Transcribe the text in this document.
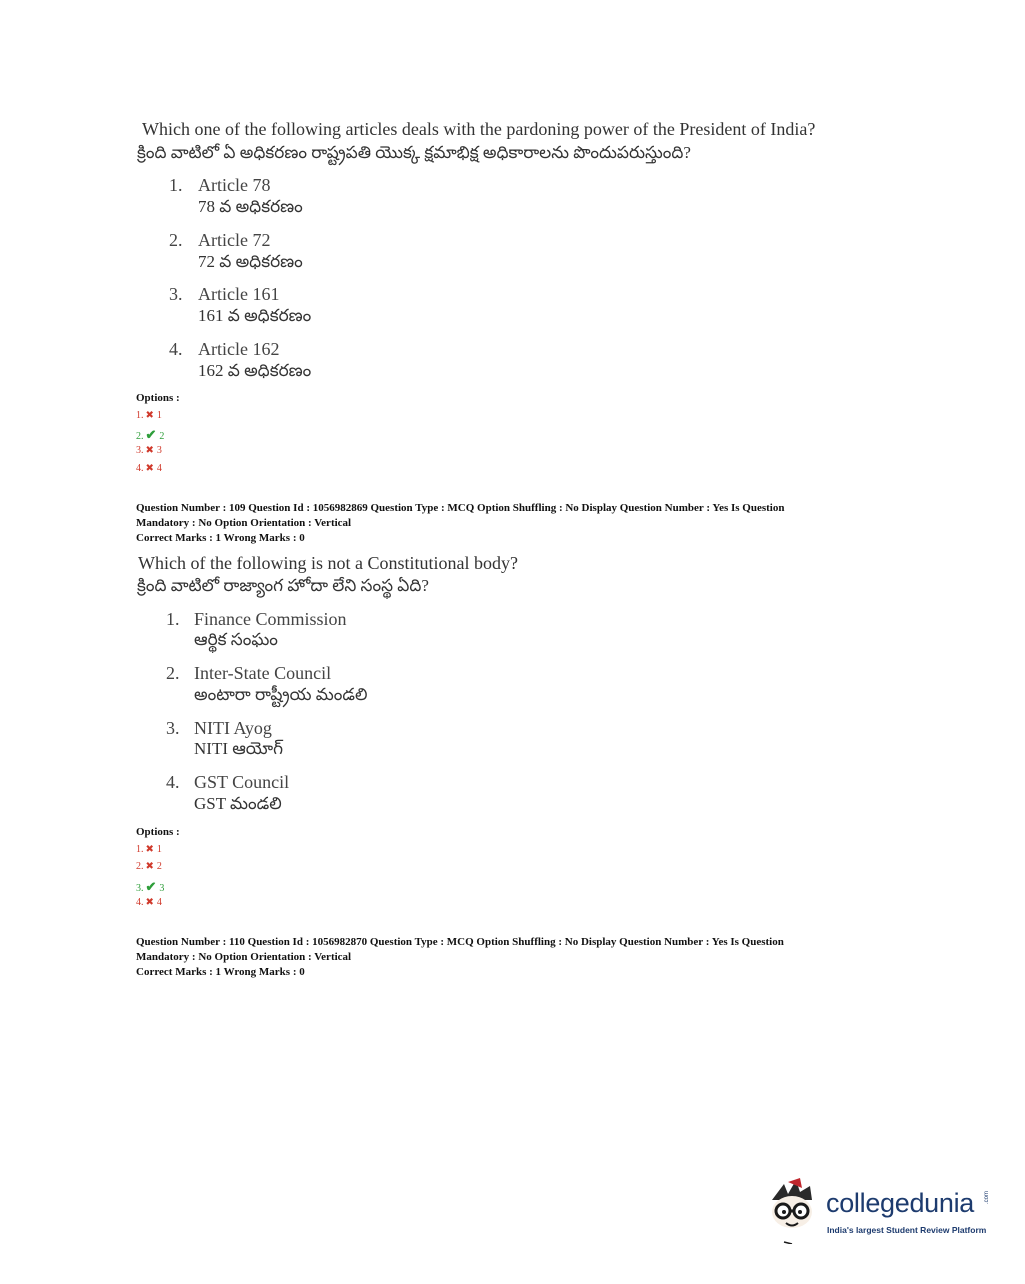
Which one of the following articles deals with the pardoning power of the President of India?
క్రింది వాటిలో ఏ అధికరణం రాష్ట్రపతి యొక్క క్షమాభిక్ష అధికారాలను పొందుపరుస్తుంది?
1. Article 78
78 వ అధికరణం
2. Article 72
72 వ అధికరణం
3. Article 161
161 వ అధికరణం
4. Article 162
162 వ అధికరణం
Options :
1. ✖ 1
2. ✔ 2
3. ✖ 3
4. ✖ 4
Question Number : 109 Question Id : 1056982869 Question Type : MCQ Option Shuffling : No Display Question Number : Yes Is Question
Mandatory : No Option Orientation : Vertical
Correct Marks : 1 Wrong Marks : 0
Which of the following is not a Constitutional body?
క్రింది వాటిలో రాజ్యాంగ హోదా లేని సంస్థ ఏది?
1. Finance Commission
ఆర్థిక సంఘం
2. Inter-State Council
అంటారా రాష్ట్రీయ మండలి
3. NITI Ayog
NITI ఆయోగ్
4. GST Council
GST మండలి
Options :
1. ✖ 1
2. ✖ 2
3. ✔ 3
4. ✖ 4
Question Number : 110 Question Id : 1056982870 Question Type : MCQ Option Shuffling : No Display Question Number : Yes Is Question
Mandatory : No Option Orientation : Vertical
Correct Marks : 1 Wrong Marks : 0
collegedunia .com
India's largest Student Review Platform
